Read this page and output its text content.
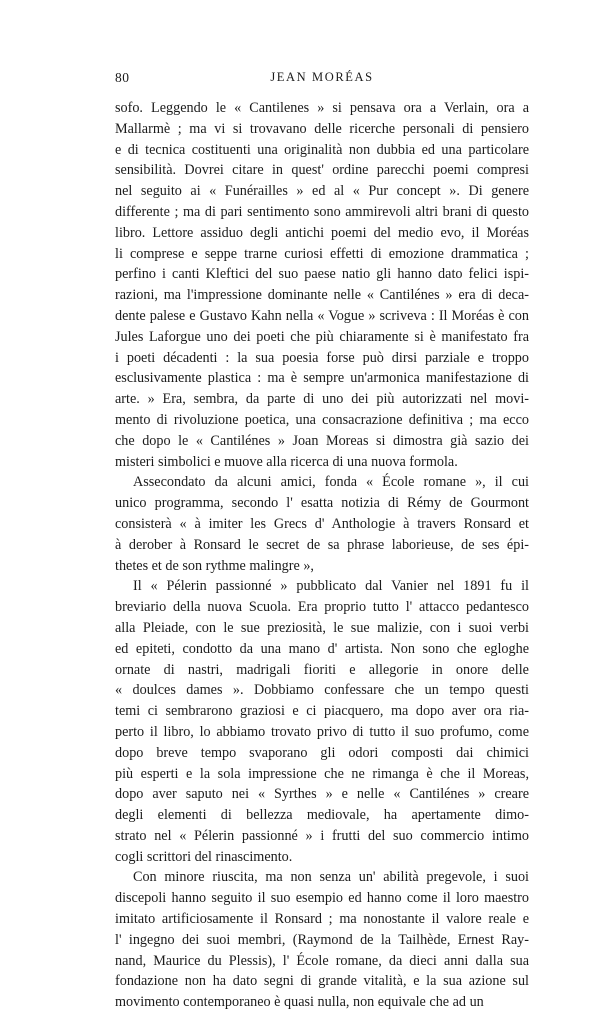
80	JEAN MORÉAS
sofo. Leggendo le « Cantilenes » si pensava ora a Verlain, ora a
Mallarmè ; ma vi si trovavano delle ricerche personali di pensiero
e di tecnica costituenti una originalità non dubbia ed una particolare
sensibilità. Dovrei citare in quest' ordine parecchi poemi compresi
nel seguito ai « Funérailles » ed al « Pur concept ». Di genere
differente ; ma di pari sentimento sono ammirevoli altri brani di questo
libro. Lettore assiduo degli antichi poemi del medio evo, il Moréas
li comprese e seppe trarne curiosi effetti di emozione drammatica ;
perfino i canti Kleftici del suo paese natio gli hanno dato felici ispi-
razioni, ma l'impressione dominante nelle « Cantilénes » era di deca-
dente palese e Gustavo Kahn nella « Vogue » scriveva : Il Moréas è con
Jules Laforgue uno dei poeti che più chiaramente si è manifestato fra
i poeti décadenti : la sua poesia forse può dirsi parziale e troppo
esclusivamente plastica : ma è sempre un'armonica manifestazione di
arte. » Era, sembra, da parte di uno dei più autorizzati nel movi-
mento di rivoluzione poetica, una consacrazione definitiva ; ma ecco
che dopo le « Cantilénes » Joan Moreas si dimostra già sazio dei
misteri simbolici e muove alla ricerca di una nuova formola.
Assecondato da alcuni amici, fonda « École romane », il cui
unico programma, secondo l' esatta notizia di Rémy de Gourmont
consisterà « à imiter les Grecs d' Anthologie à travers Ronsard et
à derober à Ronsard le secret de sa phrase laborieuse, de ses épi-
thetes et de son rythme malingre »,
Il « Pélerin passionné » pubblicato dal Vanier nel 1891 fu il
breviario della nuova Scuola. Era proprio tutto l' attacco pedantesco
alla Pleiade, con le sue preziosità, le sue malizie, con i suoi verbi
ed epiteti, condotto da una mano d' artista. Non sono che egloghe
ornate di nastri, madrigali fioriti e allegorie in onore delle
« doulces dames ». Dobbiamo confessare che un tempo questi
temi ci sembrarono graziosi e ci piacquero, ma dopo aver ora ria-
perto il libro, lo abbiamo trovato privo di tutto il suo profumo, come
dopo breve tempo svaporano gli odori composti dai chimici
più esperti e la sola impressione che ne rimanga è che il Moreas,
dopo aver saputo nei « Syrthes » e nelle « Cantilénes » creare
degli elementi di bellezza mediovale, ha apertamente dimo-
strato nel « Pélerin passionné » i frutti del suo commercio intimo
cogli scrittori del rinascimento.
Con minore riuscita, ma non senza un' abilità pregevole, i suoi
discepoli hanno seguito il suo esempio ed hanno come il loro maestro
imitato artificiosamente il Ronsard ; ma nonostante il valore reale e
l' ingegno dei suoi membri, (Raymond de la Tailhède, Ernest Ray-
nand, Maurice du Plessis), l' École romane, da dieci anni dalla sua
fondazione non ha dato segni di grande vitalità, e la sua azione sul
movimento contemporaneo è quasi nulla, non equivale che ad un
